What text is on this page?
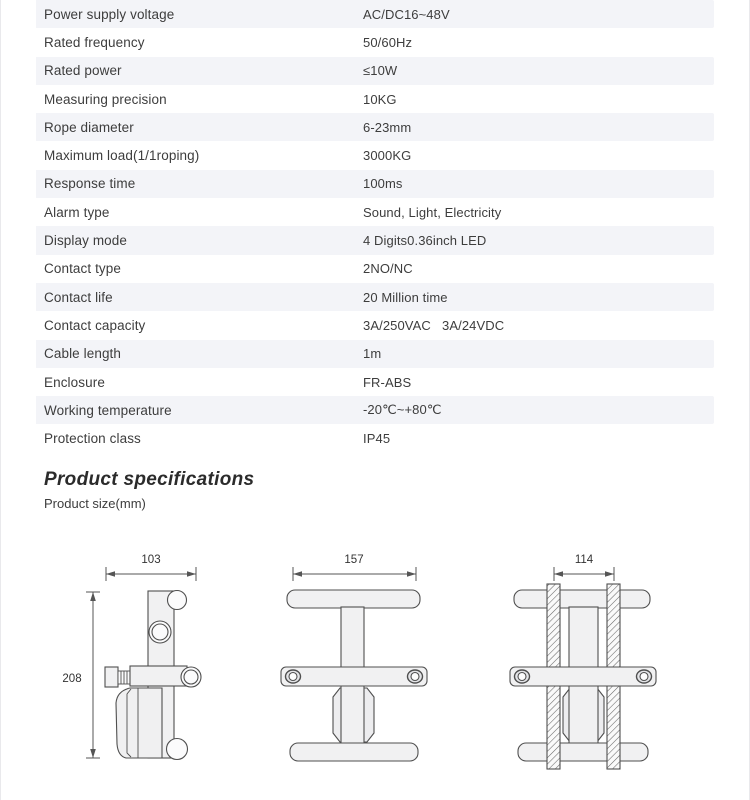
Power supply voltage	AC/DC16~48V
Rated frequency	50/60Hz
Rated power	≤10W
Measuring precision	10KG
Rope diameter	6-23mm
Maximum load(1/1roping)	3000KG
Response time	100ms
Alarm type	Sound, Light, Electricity
Display mode	4 Digits0.36inch LED
Contact type	2NO/NC
Contact life	20 Million time
Contact capacity	3A/250VAC   3A/24VDC
Cable length	1m
Enclosure	FR-ABS
Working temperature	-20℃~+80℃
Protection class	IP45
Product specifications
Product size(mm)
103
208
157	114
